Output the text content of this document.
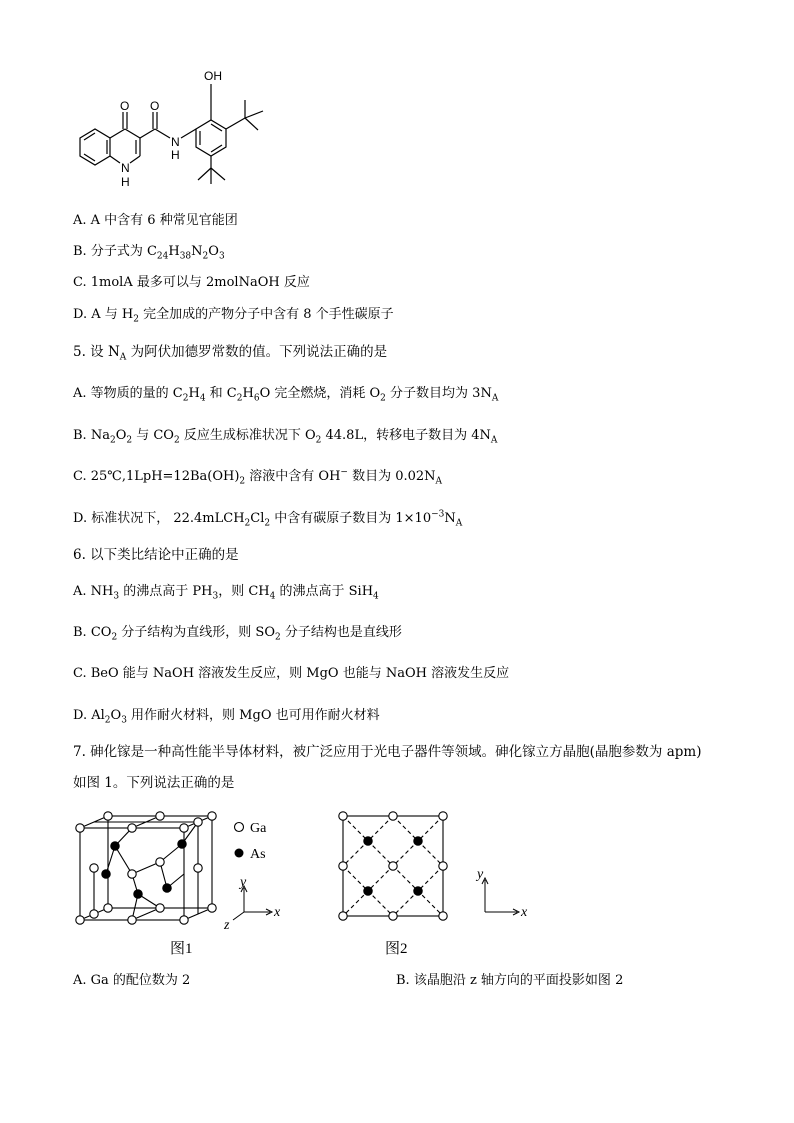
OH
O O
N
H
N
H
A. A 中含有 6 种常见官能团
B. 分子式为 $C_{24}H_{38}N_2O_3$
C. 1molA 最多可以与 2molNaOH 反应
D. A 与 $H_2$ 完全加成的产物分子中含有 8 个手性碳原子
5. 设 $N_A$ 为阿伏加德罗常数的值。下列说法正确的是
A. 等物质的量的 $C_2H_4$ 和 $C_2H_6O$ 完全燃烧，消耗 $O_2$ 分子数目均为 $3N_A$
B. $Na_2O_2$ 与 $CO_2$ 反应生成标准状况下 $O_2$ 44.8L，转移电子数目为 $4N_A$
C. $25℃,1LpH=12Ba(OH)_2$ 溶液中含有 OH− 数目为 $0.02N_A$
D. 标准状况下， $22.4mLCH_2Cl_2$ 中含有碳原子数目为 $1\times 10^{-3}N_A$
6. 以下类比结论中正确的是
A. $NH_3$ 的沸点高于 $PH_3$，则 $CH_4$ 的沸点高于 SiH$_4$
B. $CO_2$ 分子结构为直线形，则 $SO_2$ 分子结构也是直线形
C. BeO 能与 NaOH 溶液发生反应，则 MgO 也能与 NaOH 溶液发生反应
D. $Al_2O_3$ 用作耐火材料，则 MgO 也可用作耐火材料
7. 砷化镓是一种高性能半导体材料，被广泛应用于光电子器件等领域。砷化镓立方晶胞(晶胞参数为 apm)
如图 1。下列说法正确的是
Ga
As
y
x
z
y
x
图1	图2
A. Ga 的配位数为 2	B. 该晶胞沿 z 轴方向的平面投影如图 2
